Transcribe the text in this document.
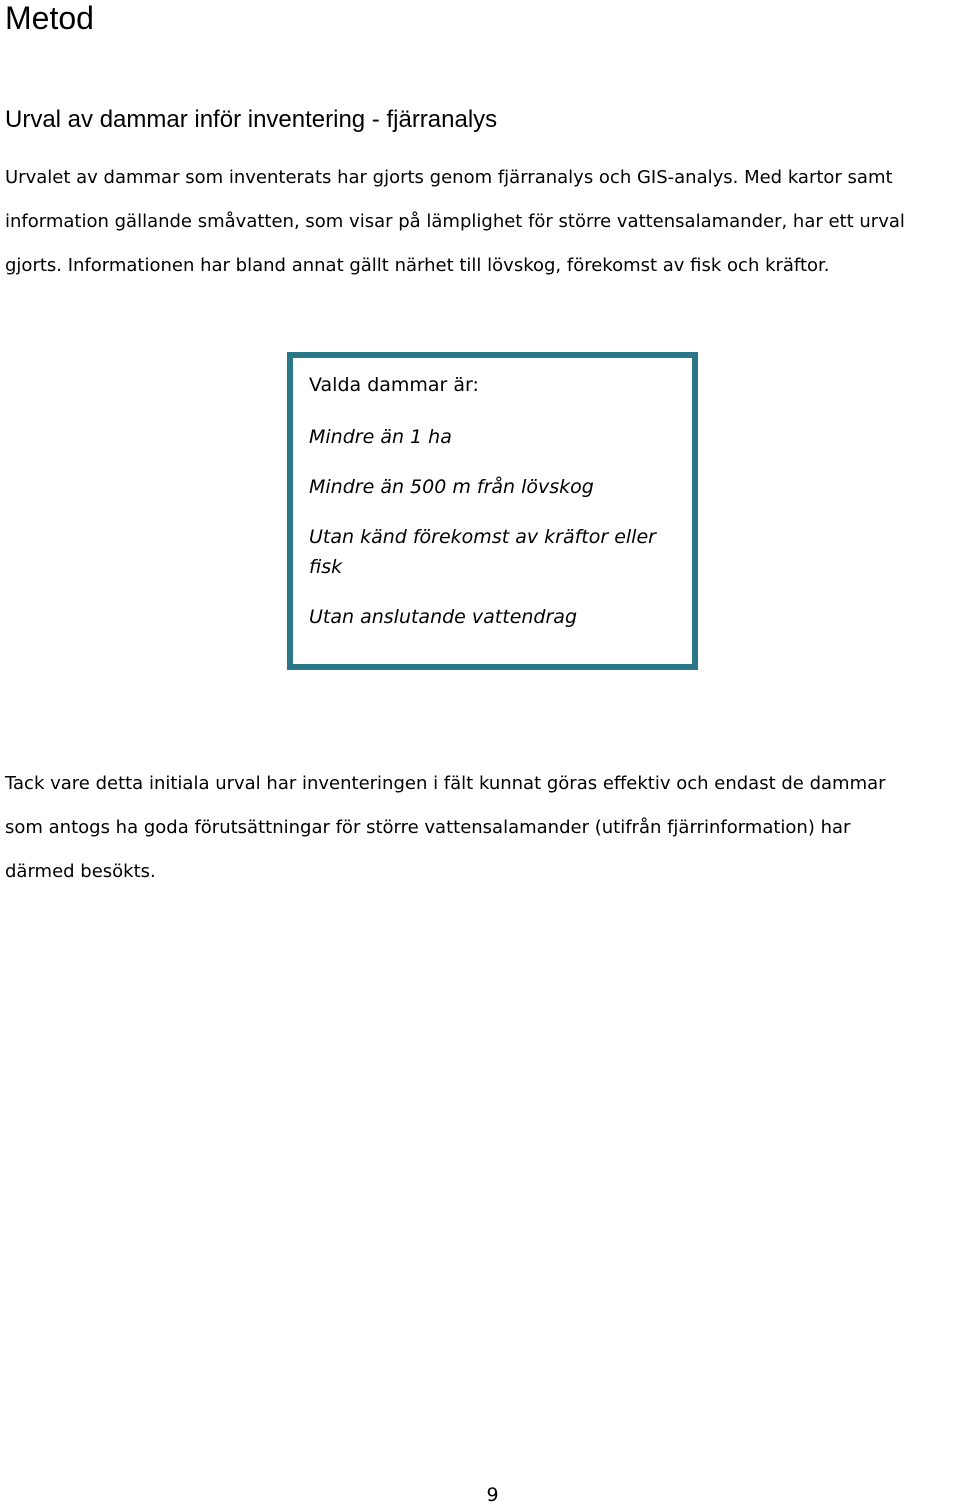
Metod
Urval av dammar inför inventering - fjärranalys

Urvalet av dammar som inventerats har gjorts genom fjärranalys och GIS-analys. Med kartor samt
information gällande småvatten, som visar på lämplighet för större vattensalamander, har ett urval
gjorts. Informationen har bland annat gällt närhet till lövskog, förekomst av fisk och kräftor.

Valda dammar är:

Mindre än 1 ha

Mindre än 500 m från lövskog

Utan känd förekomst av kräftor eller fisk

Utan anslutande vattendrag

Tack vare detta initiala urval har inventeringen i fält kunnat göras effektiv och endast de dammar
som antogs ha goda förutsättningar för större vattensalamander (utifrån fjärrinformation) har
därmed besökts.

9
